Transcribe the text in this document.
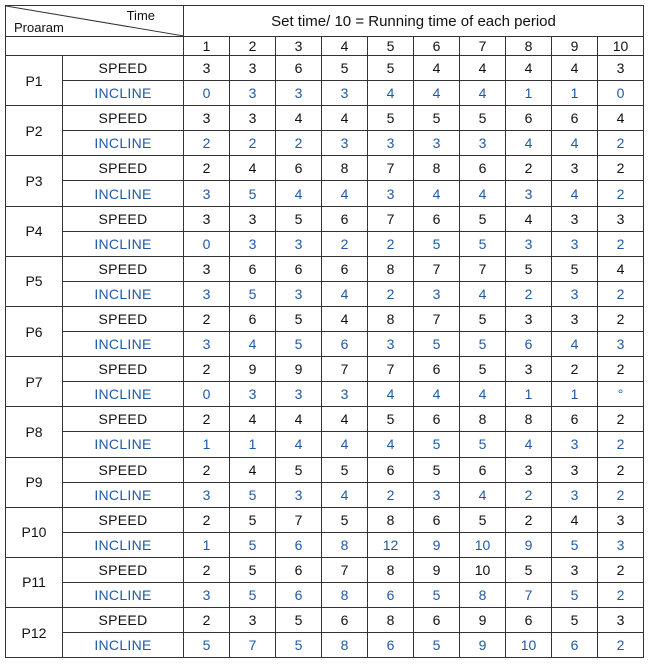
Time
Proaram		Set time/ 10 = Running time of each period									
		1	2	3	4	5	6	7	8	9	10
P1	SPEED	3	3	6	5	5	4	4	4	4	3
	INCLINE	0	3	3	3	4	4	4	1	1	0
P2	SPEED	3	3	4	4	5	5	5	6	6	4
	INCLINE	2	2	2	3	3	3	3	4	4	2
P3	SPEED	2	4	6	8	7	8	6	2	3	2
	INCLINE	3	5	4	4	3	4	4	3	4	2
P4	SPEED	3	3	5	6	7	6	5	4	3	3
	INCLINE	0	3	3	2	2	5	5	3	3	2
P5	SPEED	3	6	6	6	8	7	7	5	5	4
	INCLINE	3	5	3	4	2	3	4	2	3	2
P6	SPEED	2	6	5	4	8	7	5	3	3	2
	INCLINE	3	4	5	6	3	5	5	6	4	3
P7	SPEED	2	9	9	7	7	6	5	3	2	2
	INCLINE	0	3	3	3	4	4	4	1	1	°
P8	SPEED	2	4	4	4	5	6	8	8	6	2
	INCLINE	1	1	4	4	4	5	5	4	3	2
P9	SPEED	2	4	5	5	6	5	6	3	3	2
	INCLINE	3	5	3	4	2	3	4	2	3	2
P10	SPEED	2	5	7	5	8	6	5	2	4	3
	INCLINE	1	5	6	8	12	9	10	9	5	3
P11	SPEED	2	5	6	7	8	9	10	5	3	2
	INCLINE	3	5	6	8	6	5	8	7	5	2
P12	SPEED	2	3	5	6	8	6	9	6	5	3
	INCLINE	5	7	5	8	6	5	9	10	6	2
